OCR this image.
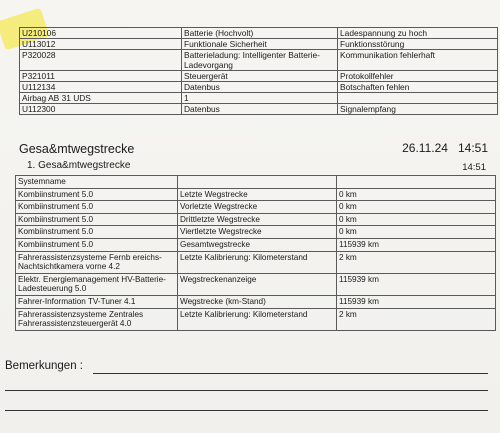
U210106	Batterie (Hochvolt)	Ladespannung zu hoch
U113012	Funktionale Sicherheit	Funktionsstörung
P320028	Batterieladung: Intelligenter Batterie-Ladevorgang	Kommunikation fehlerhaft
P321011	Steuergerät	Protokollfehler
U112134	Datenbus	Botschaften fehlen
Airbag AB 31 UDS	1	
U112300	Datenbus	Signalempfang
Gesa&mtwegstrecke	26.11.24 14:51
1. Gesa&mtwegstrecke	14:51
Systemname		
Kombiinstrument 5.0	Letzte Wegstrecke	0 km
Kombiinstrument 5.0	Vorletzte Wegstrecke	0 km
Kombiinstrument 5.0	Drittletzte Wegstrecke	0 km
Kombiinstrument 5.0	Viertletzte Wegstrecke	0 km
Kombiinstrument 5.0	Gesamtwegstrecke	115939 km
Fahrerassistenzsysteme Fernb ereichs-Nachtsichtkamera vorne 4.2	Letzte Kalibrierung: Kilometerstand	2 km
Elektr. Energiemanagement HV-Batterie-Ladesteuerung 5.0	Wegstreckenanzeige	115939 km
Fahrer-Information TV-Tuner 4.1	Wegstrecke (km-Stand)	115939 km
Fahrerassistenzsysteme Zentrales Fahrerassistenzsteuergerät 4.0	Letzte Kalibrierung: Kilometerstand	2 km
Bemerkungen :
